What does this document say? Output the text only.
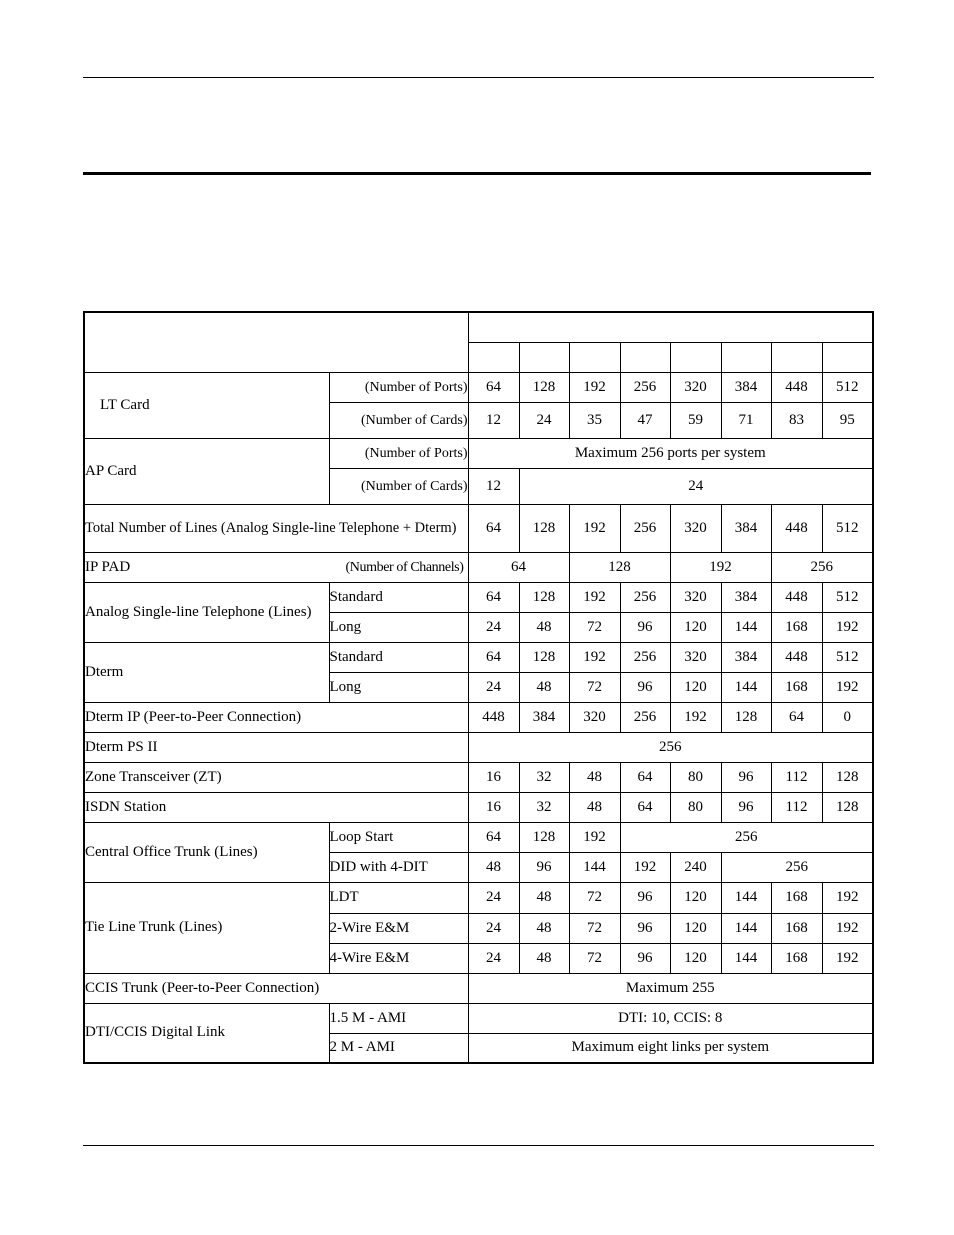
LT Card	(Number of Ports)	64	128	192	256	320	384	448	512
	(Number of Cards)	12	24	35	47	59	71	83	95
AP Card	(Number of Ports)	Maximum 256 ports per system							
	(Number of Cards)	12	24						
Total Number of Lines (Analog Single-line Telephone + Dterm)		64	128	192	256	320	384	448	512
IP PAD (Number of Channels)		64		128		192		256	
Analog Single-line Telephone (Lines)	Standard	64	128	192	256	320	384	448	512
	Long	24	48	72	96	120	144	168	192
Dterm	Standard	64	128	192	256	320	384	448	512
	Long	24	48	72	96	120	144	168	192
Dterm IP (Peer-to-Peer Connection)		448	384	320	256	192	128	64	0
Dterm PS II		256							
Zone Transceiver (ZT)		16	32	48	64	80	96	112	128
ISDN Station		16	32	48	64	80	96	112	128
Central Office Trunk (Lines)	Loop Start	64	128	192	256				
	DID with 4-DIT	48	96	144	192	240	256		
Tie Line Trunk (Lines)	LDT	24	48	72	96	120	144	168	192
	2-Wire E&M	24	48	72	96	120	144	168	192
	4-Wire E&M	24	48	72	96	120	144	168	192
CCIS Trunk (Peer-to-Peer Connection)		Maximum 255							
DTI/CCIS Digital Link	1.5 M - AMI	DTI: 10, CCIS: 8							
	2 M - AMI	Maximum eight links per system							
